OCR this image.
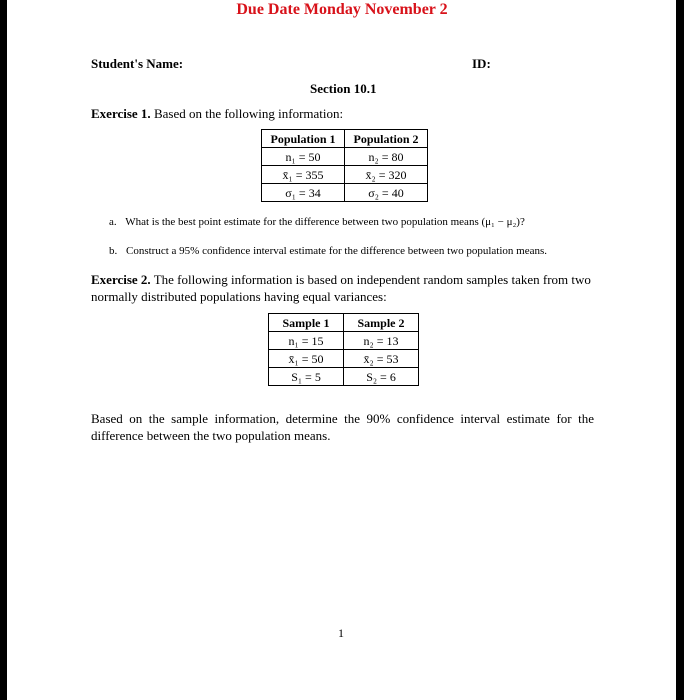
Due Date Monday November 2
Student's Name:	ID:
Section 10.1
Exercise 1. Based on the following information:
Population 1	Population 2
n₁ = 50	n₂ = 80
x̄₁ = 355	x̄₂ = 320
σ₁ = 34	σ₂ = 40
a. What is the best point estimate for the difference between two population means (μ₁ − μ₂)?
b. Construct a 95% confidence interval estimate for the difference between two population means.
Exercise 2. The following information is based on independent random samples taken from two normally distributed populations having equal variances:
Sample 1	Sample 2
n₁ = 15	n₂ = 13
x̄₁ = 50	x̄₂ = 53
S₁ = 5	S₂ = 6
Based on the sample information, determine the 90% confidence interval estimate for the difference between the two population means.
1
